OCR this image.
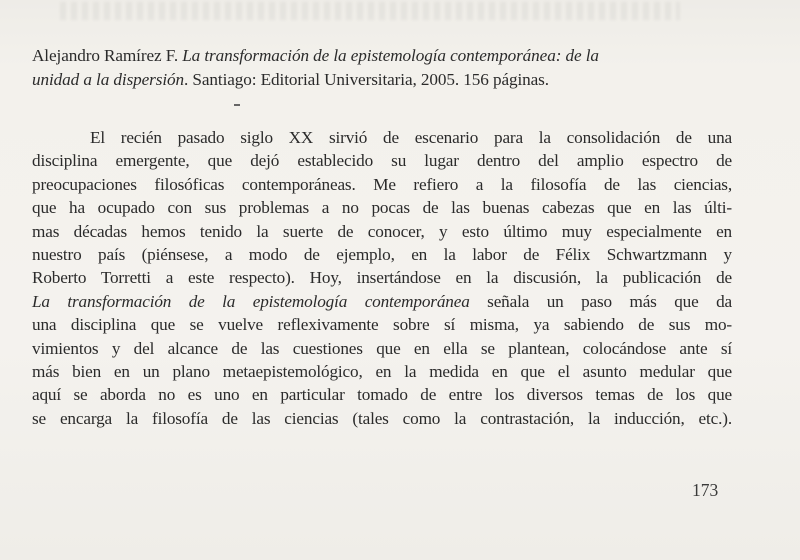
Alejandro Ramírez F. La transformación de la epistemología contemporánea: de la
unidad a la dispersión. Santiago: Editorial Universitaria, 2005. 156 páginas.
El recién pasado siglo XX sirvió de escenario para la consolidación de una
disciplina emergente, que dejó establecido su lugar dentro del amplio espectro de
preocupaciones filosóficas contemporáneas. Me refiero a la filosofía de las ciencias,
que ha ocupado con sus problemas a no pocas de las buenas cabezas que en las últi-
mas décadas hemos tenido la suerte de conocer, y esto último muy especialmente en
nuestro país (piénsese, a modo de ejemplo, en la labor de Félix Schwartzmann y
Roberto Torretti a este respecto). Hoy, insertándose en la discusión, la publicación de
La transformación de la epistemología contemporánea señala un paso más que da
una disciplina que se vuelve reflexivamente sobre sí misma, ya sabiendo de sus mo-
vimientos y del alcance de las cuestiones que en ella se plantean, colocándose ante sí
más bien en un plano metaepistemológico, en la medida en que el asunto medular que
aquí se aborda no es uno en particular tomado de entre los diversos temas de los que
se encarga la filosofía de las ciencias (tales como la contrastación, la inducción, etc.).
173
